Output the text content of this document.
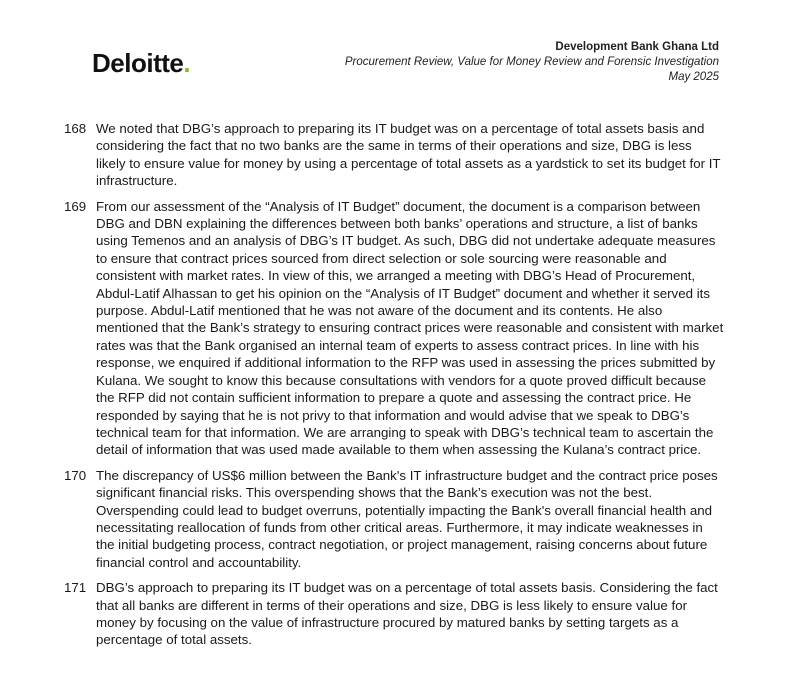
Deloitte.
Development Bank Ghana Ltd
Procurement Review, Value for Money Review and Forensic Investigation
May 2025
168 We noted that DBG’s approach to preparing its IT budget was on a percentage of total assets basis and considering the fact that no two banks are the same in terms of their operations and size, DBG is less likely to ensure value for money by using a percentage of total assets as a yardstick to set its budget for IT infrastructure.
169 From our assessment of the “Analysis of IT Budget” document, the document is a comparison between DBG and DBN explaining the differences between both banks’ operations and structure, a list of banks using Temenos and an analysis of DBG’s IT budget. As such, DBG did not undertake adequate measures to ensure that contract prices sourced from direct selection or sole sourcing were reasonable and consistent with market rates. In view of this, we arranged a meeting with DBG’s Head of Procurement, Abdul-Latif Alhassan to get his opinion on the “Analysis of IT Budget” document and whether it served its purpose. Abdul-Latif mentioned that he was not aware of the document and its contents. He also mentioned that the Bank’s strategy to ensuring contract prices were reasonable and consistent with market rates was that the Bank organised an internal team of experts to assess contract prices. In line with his response, we enquired if additional information to the RFP was used in assessing the prices submitted by Kulana. We sought to know this because consultations with vendors for a quote proved difficult because the RFP did not contain sufficient information to prepare a quote and assessing the contract price. He responded by saying that he is not privy to that information and would advise that we speak to DBG’s technical team for that information. We are arranging to speak with DBG’s technical team to ascertain the detail of information that was used made available to them when assessing the Kulana’s contract price.
170 The discrepancy of US$6 million between the Bank's IT infrastructure budget and the contract price poses significant financial risks. This overspending shows that the Bank’s execution was not the best. Overspending could lead to budget overruns, potentially impacting the Bank's overall financial health and necessitating reallocation of funds from other critical areas. Furthermore, it may indicate weaknesses in the initial budgeting process, contract negotiation, or project management, raising concerns about future financial control and accountability.
171 DBG’s approach to preparing its IT budget was on a percentage of total assets basis. Considering the fact that all banks are different in terms of their operations and size, DBG is less likely to ensure value for money by focusing on the value of infrastructure procured by matured banks by setting targets as a percentage of total assets.
